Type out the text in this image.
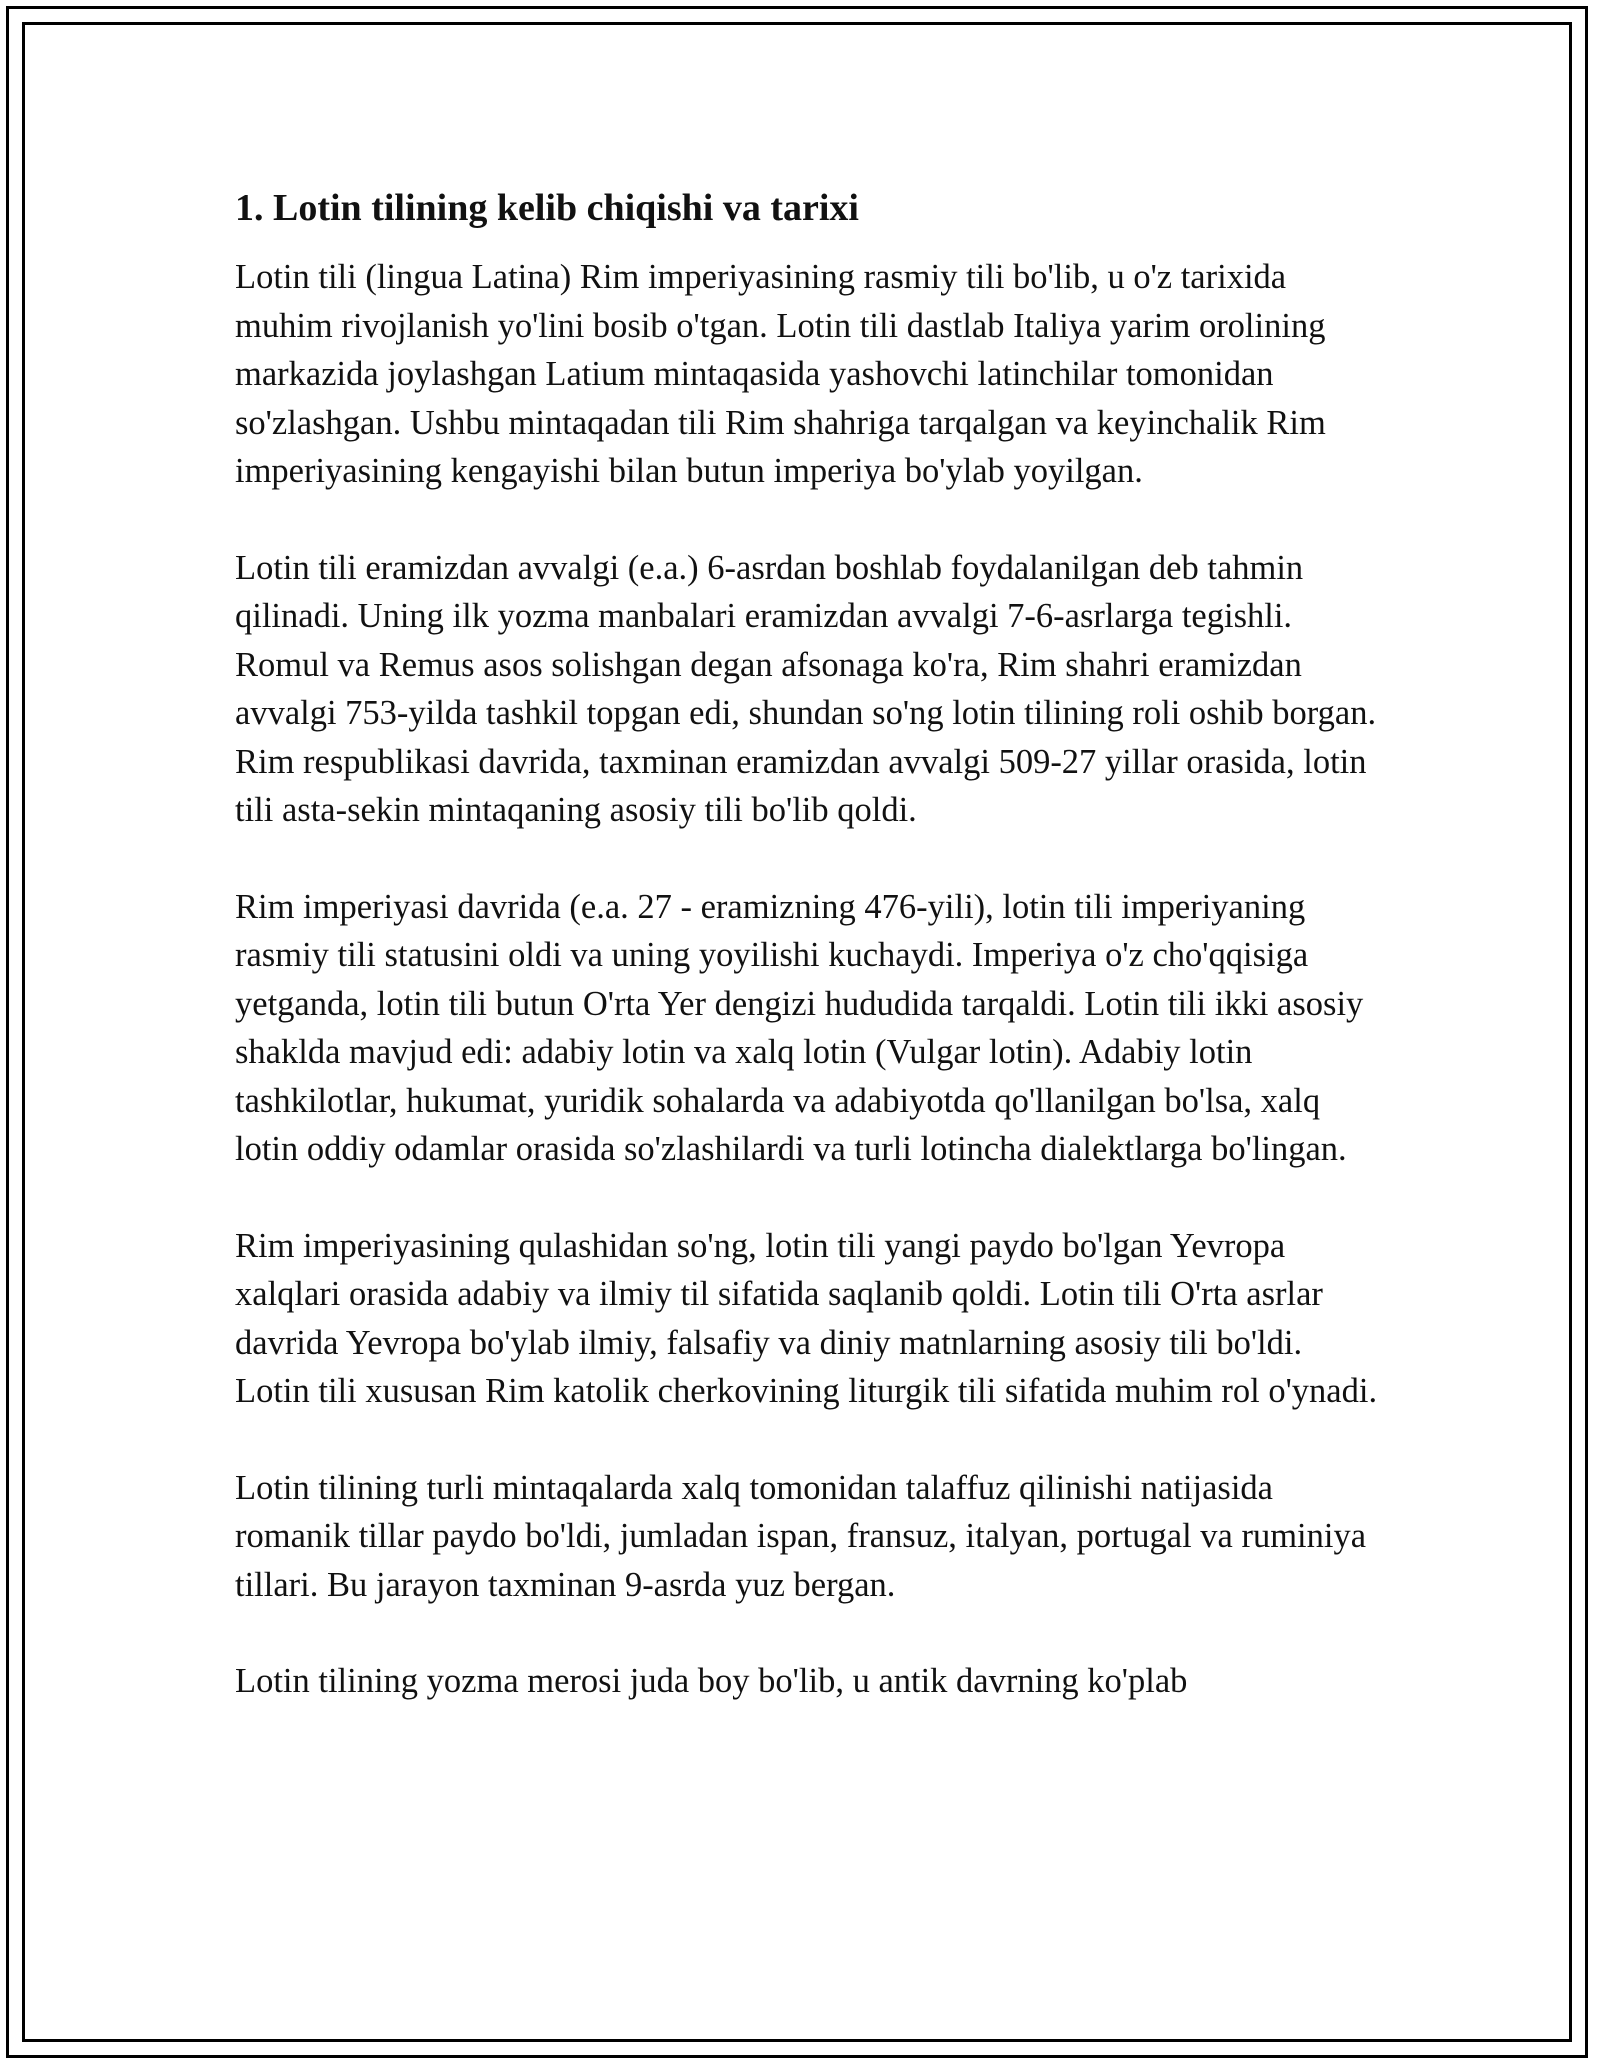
1. Lotin tilining kelib chiqishi va tarixi

Lotin tili (lingua Latina) Rim imperiyasining rasmiy tili bo'lib, u o'z tarixida muhim rivojlanish yo'lini bosib o'tgan. Lotin tili dastlab Italiya yarim orolining markazida joylashgan Latium mintaqasida yashovchi latinchilar tomonidan so'zlashgan. Ushbu mintaqadan tili Rim shahriga tarqalgan va keyinchalik Rim imperiyasining kengayishi bilan butun imperiya bo'ylab yoyilgan.

Lotin tili eramizdan avvalgi (e.a.) 6-asrdan boshlab foydalanilgan deb tahmin qilinadi. Uning ilk yozma manbalari eramizdan avvalgi 7-6-asrlarga tegishli. Romul va Remus asos solishgan degan afsonaga ko'ra, Rim shahri eramizdan avvalgi 753-yilda tashkil topgan edi, shundan so'ng lotin tilining roli oshib borgan. Rim respublikasi davrida, taxminan eramizdan avvalgi 509-27 yillar orasida, lotin tili asta-sekin mintaqaning asosiy tili bo'lib qoldi.

Rim imperiyasi davrida (e.a. 27 - eramizning 476-yili), lotin tili imperiyaning rasmiy tili statusini oldi va uning yoyilishi kuchaydi. Imperiya o'z cho'qqisiga yetganda, lotin tili butun O'rta Yer dengizi hududida tarqaldi. Lotin tili ikki asosiy shaklda mavjud edi: adabiy lotin va xalq lotin (Vulgar lotin). Adabiy lotin tashkilotlar, hukumat, yuridik sohalarda va adabiyotda qo'llanilgan bo'lsa, xalq lotin oddiy odamlar orasida so'zlashilardi va turli lotincha dialektlarga bo'lingan.

Rim imperiyasining qulashidan so'ng, lotin tili yangi paydo bo'lgan Yevropa xalqlari orasida adabiy va ilmiy til sifatida saqlanib qoldi. Lotin tili O'rta asrlar davrida Yevropa bo'ylab ilmiy, falsafiy va diniy matnlarning asosiy tili bo'ldi. Lotin tili xususan Rim katolik cherkovining liturgik tili sifatida muhim rol o'ynadi.

Lotin tilining turli mintaqalarda xalq tomonidan talaffuz qilinishi natijasida romanik tillar paydo bo'ldi, jumladan ispan, fransuz, italyan, portugal va ruminiya tillari. Bu jarayon taxminan 9-asrda yuz bergan.

Lotin tilining yozma merosi juda boy bo'lib, u antik davrning ko'plab
